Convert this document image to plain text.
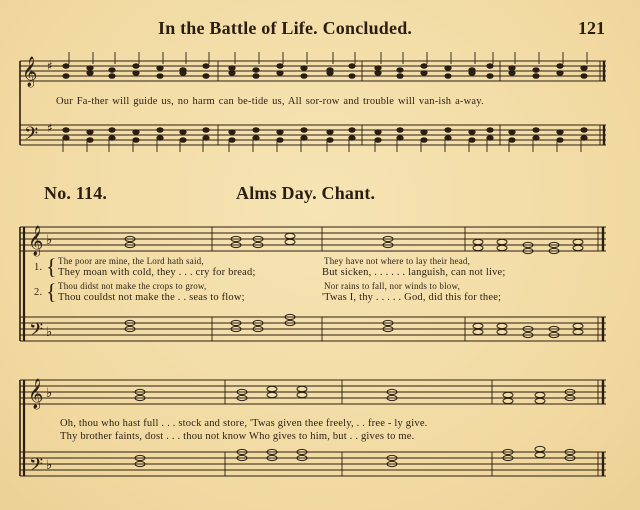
In the Battle of Life. Concluded.	121
𝄞
𝄢
𝄞
𝄢
𝄞
𝄢
♯
♯
♭
♭
♭
♭
Our Fa-ther will guide us, no harm can be-tide us, All sor-row and trouble will van-ish a-way.
No. 114.	Alms Day. Chant.
1.
2.
{
{
The poor are mine, the Lord hath said,	They have not where to lay their head,
They moan with cold, they . . . cry for bread;	But sicken, . . . . . . languish, can not live;
Thou didst not make the crops to grow,	Nor rains to fall, nor winds to blow,
Thou couldst not make the . . seas to flow;	'Twas I, thy . . . . . God, did this for thee;
Oh, thou who hast full . . . stock and store, 'Twas given thee freely, . . free - ly give.
Thy brother faints, dost . . . thou not know Who gives to him, but . . gives to me.
